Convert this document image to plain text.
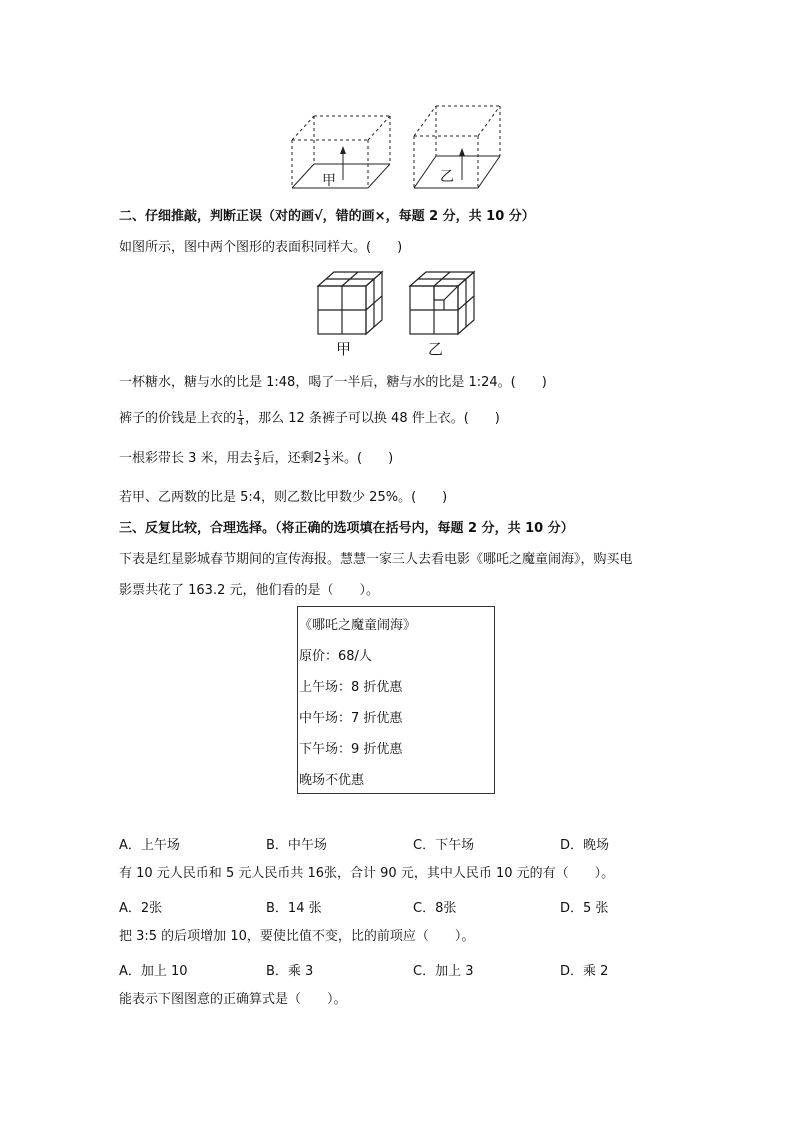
甲	乙
二、仔细推敲，判断正误（对的画√，错的画×，每题 2 分，共 10 分）
如图所示，图中两个图形的表面积同样大。(　　)
甲	乙
一杯糖水，糖与水的比是 1:48，喝了一半后，糖与水的比是 1:24。(　　)
裤子的价钱是上衣的 $\frac{1}{4}$ ，那么 12 条裤子可以换 48 件上衣。(　　)
一根彩带长 3 米，用去 $\frac{2}{3}$ 后，还剩$2 \frac{1}{3}$ 米。(　　)
若甲、乙两数的比是 5:4，则乙数比甲数少 25%。(　　)
三、反复比较，合理选择。（将正确的选项填在括号内，每题 2 分，共 10 分）
下表是红星影城春节期间的宣传海报。慧慧一家三人去看电影《哪吒之魔童闹海》，购买电
影票共花了 163.2 元，他们看的是（　　）。
《哪吒之魔童闹海》
原价：68/人
上午场：8 折优惠
中午场：7 折优惠
下午场：9 折优惠
晚场不优惠
A．上午场	B．中午场	C．下午场	D．晚场
有 10 元人民币和 5 元人民币共 16张，合计 90 元，其中人民币 10 元的有（　　）。
A．2张	B．14 张	C．8张	D．5 张
把 3:5 的后项增加 10，要使比值不变，比的前项应（　　）。
A．加上 10	B．乘 3	C．加上 3	D．乘 2
能表示下图图意的正确算式是（　　）。
